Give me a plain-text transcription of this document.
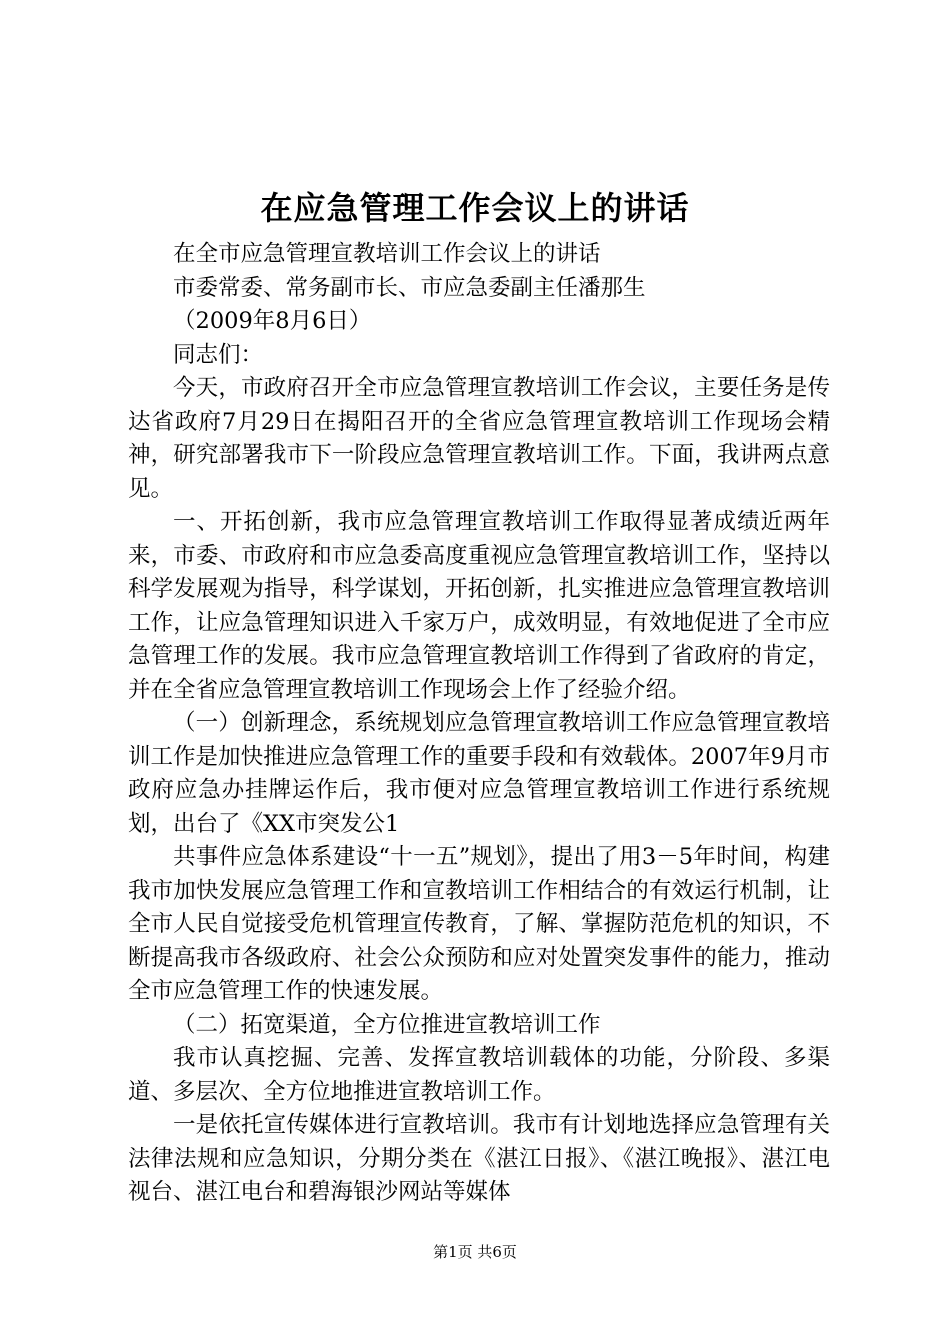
在应急管理工作会议上的讲话

在全市应急管理宣教培训工作会议上的讲话

市委常委、常务副市长、市应急委副主任潘那生

（2009年8月6日）

同志们：

今天，市政府召开全市应急管理宣教培训工作会议，主要任务是传达省政府7月29日在揭阳召开的全省应急管理宣教培训工作现场会精神，研究部署我市下一阶段应急管理宣教培训工作。下面，我讲两点意见。

一、开拓创新，我市应急管理宣教培训工作取得显著成绩近两年来，市委、市政府和市应急委高度重视应急管理宣教培训工作，坚持以科学发展观为指导，科学谋划，开拓创新，扎实推进应急管理宣教培训工作，让应急管理知识进入千家万户，成效明显，有效地促进了全市应急管理工作的发展。我市应急管理宣教培训工作得到了省政府的肯定，并在全省应急管理宣教培训工作现场会上作了经验介绍。

（一）创新理念，系统规划应急管理宣教培训工作应急管理宣教培训工作是加快推进应急管理工作的重要手段和有效载体。2007年9月市政府应急办挂牌运作后，我市便对应急管理宣教培训工作进行系统规划，出台了《XX市突发公1

共事件应急体系建设“十一五”规划》，提出了用3－5年时间，构建我市加快发展应急管理工作和宣教培训工作相结合的有效运行机制，让全市人民自觉接受危机管理宣传教育，了解、掌握防范危机的知识，不断提高我市各级政府、社会公众预防和应对处置突发事件的能力，推动全市应急管理工作的快速发展。

（二）拓宽渠道，全方位推进宣教培训工作

我市认真挖掘、完善、发挥宣教培训载体的功能，分阶段、多渠道、多层次、全方位地推进宣教培训工作。

一是依托宣传媒体进行宣教培训。我市有计划地选择应急管理有关法律法规和应急知识，分期分类在《湛江日报》、《湛江晚报》、湛江电视台、湛江电台和碧海银沙网站等媒体

第1页 共6页
